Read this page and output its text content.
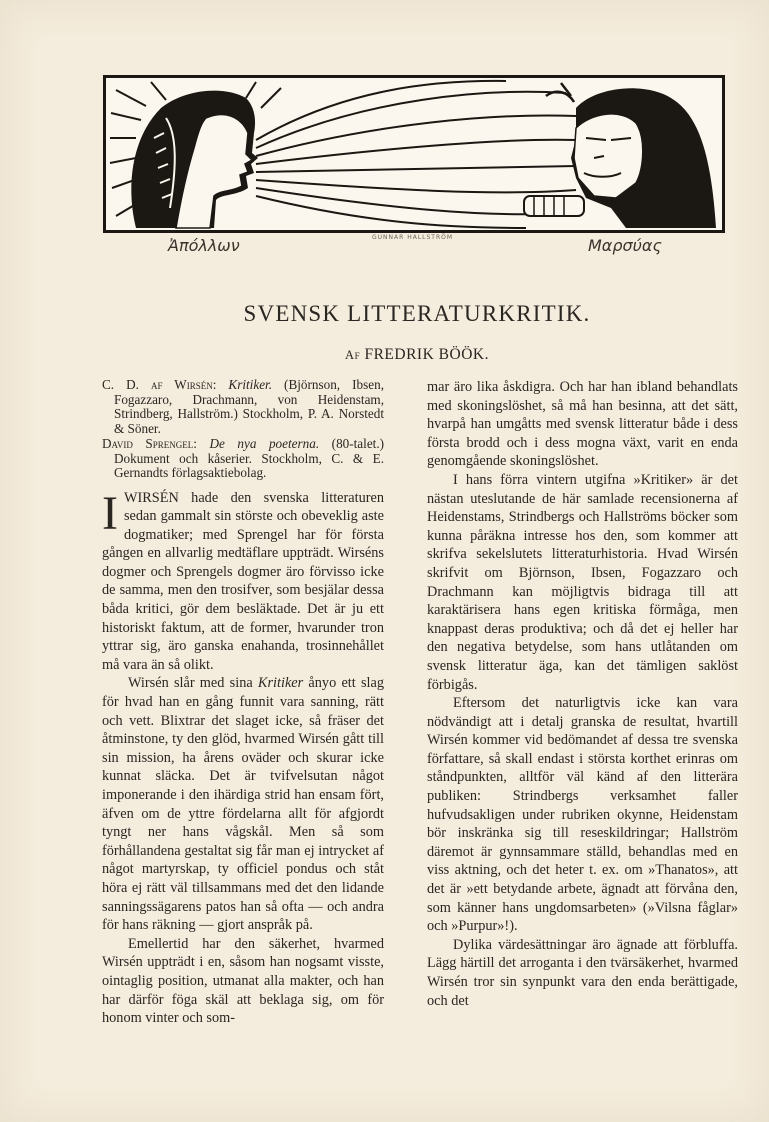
Ἀπόλλων	GUNNAR HALLSTRÖM	Μαρσύας
SVENSK LITTERATURKRITIK.
Af FREDRIK BÖÖK.
C. D. af Wirsén: Kritiker. (Björnson, Ibsen, Fogazzaro, Drachmann, von Heidenstam, Strindberg, Hallström.) Stockholm, P. A. Norstedt & Söner.
David Sprengel: De nya poeterna. (80-talet.) Dokument och kåserier. Stockholm, C. & E. Gernandts förlagsaktiebolag.

IWIRSÉN hade den svenska litteraturen sedan gammalt sin störste och obeveklig aste dogmatiker; med Sprengel har för första gången en allvarlig medtäflare uppträdt. Wirséns dogmer och Sprengels dogmer äro förvisso icke de samma, men den trosifver, som besjälar dessa båda kritici, gör dem besläktade. Det är ju ett historiskt faktum, att de former, hvarunder tron yttrar sig, äro ganska enahanda, trosinnehållet må vara än så olikt.

Wirsén slår med sina Kritiker ånyo ett slag för hvad han en gång funnit vara sanning, rätt och vett. Blixtrar det slaget icke, så fräser det åtminstone, ty den glöd, hvarmed Wirsén gått till sin mission, ha årens oväder och skurar icke kunnat släcka. Det är tvifvelsutan något imponerande i den ihärdiga strid han ensam fört, äfven om de yttre fördelarna allt för afgjordt tyngt ner hans vågskål. Men så som förhållandena gestaltat sig får man ej intrycket af något martyrskap, ty officiel pondus och ståt höra ej rätt väl tillsammans med det den lidande sanningssägarens patos han så ofta — och andra för hans räkning — gjort anspråk på.

Emellertid har den säkerhet, hvarmed Wirsén uppträdt i en, såsom han nogsamt visste, ointaglig position, utmanat alla makter, och han har därför föga skäl att beklaga sig, om för honom vinter och som-

mar äro lika åskdigra. Och har han ibland behandlats med skoningslöshet, så må han besinna, att det sätt, hvarpå han umgåtts med svensk litteratur både i dess första brodd och i dess mogna växt, varit en enda genomgående skoningslöshet.

I hans förra vintern utgifna »Kritiker» är det nästan uteslutande de här samlade recensionerna af Heidenstams, Strindbergs och Hallströms böcker som kunna påräkna intresse hos den, som kommer att skrifva sekelslutets litteraturhistoria. Hvad Wirsén skrifvit om Björnson, Ibsen, Fogazzaro och Drachmann kan möjligtvis bidraga till att karaktärisera hans egen kritiska förmåga, men knappast deras produktiva; och då det ej heller har den negativa betydelse, som hans utlåtanden om svensk litteratur äga, kan det tämligen saklöst förbigås.

Eftersom det naturligtvis icke kan vara nödvändigt att i detalj granska de resultat, hvartill Wirsén kommer vid bedömandet af dessa tre svenska författare, så skall endast i största korthet erinras om ståndpunkten, alltför väl känd af den litterära publiken: Strindbergs verksamhet faller hufvudsakligen under rubriken okynne, Heidenstam bör inskränka sig till reseskildringar; Hallström däremot är gynnsammare ställd, behandlas med en viss aktning, och det heter t. ex. om »Thanatos», att det är »ett betydande arbete, ägnadt att förvåna den, som känner hans ungdomsarbeten» (»Vilsna fåglar» och »Purpur»!).

Dylika värdesättningar äro ägnade att förbluffa. Lägg härtill det arroganta i den tvärsäkerhet, hvarmed Wirsén tror sin synpunkt vara den enda berättigade, och det
